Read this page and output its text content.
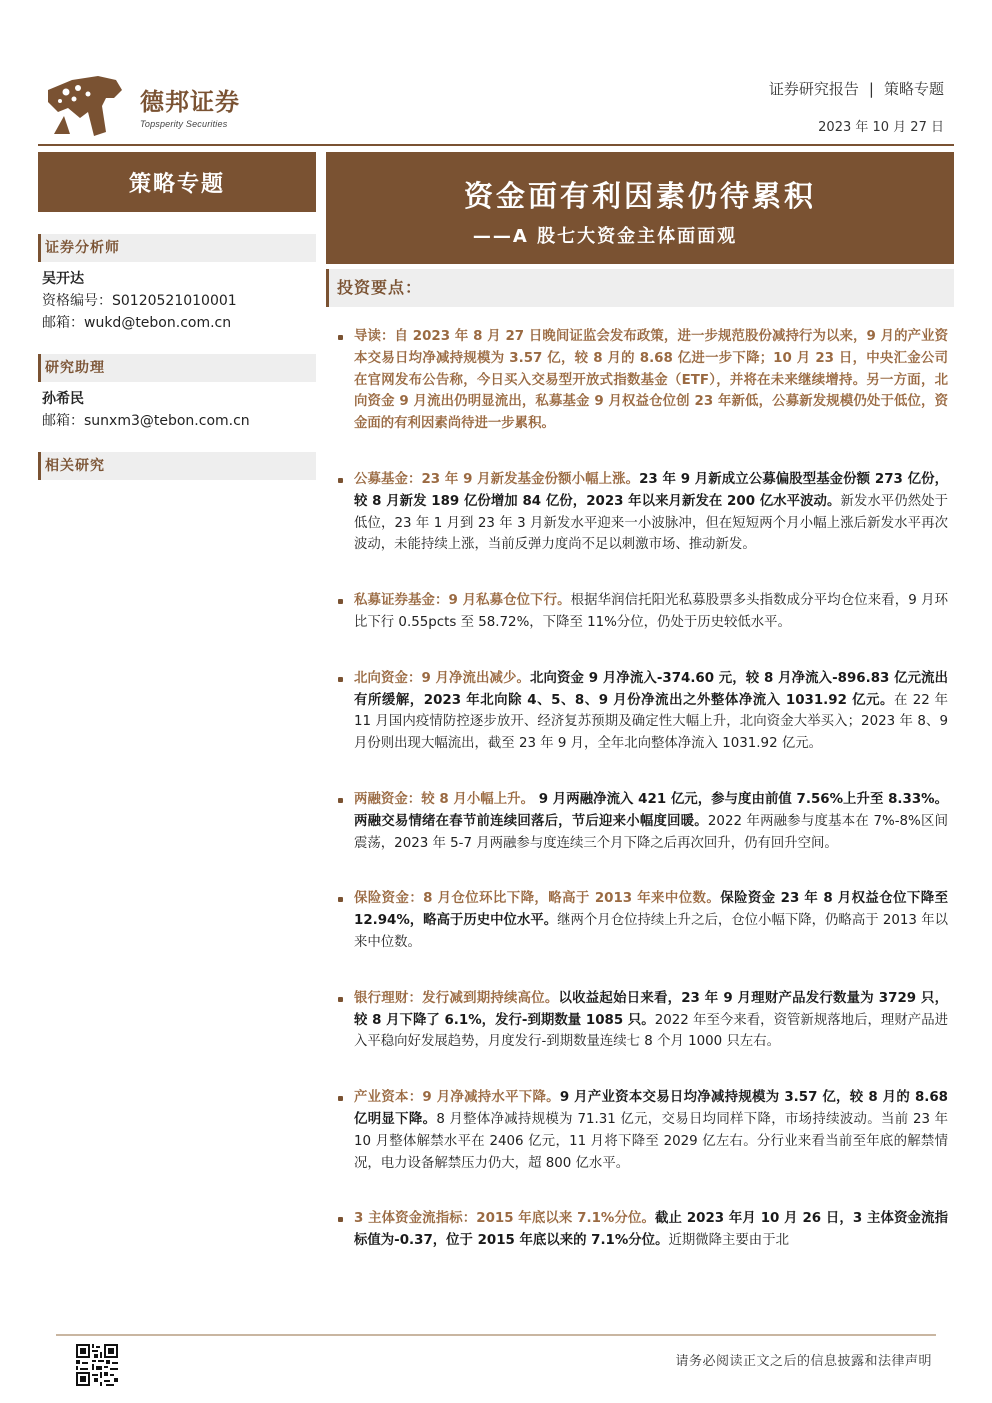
德邦证券
Topsperity Securities
证券研究报告 | 策略专题
2023 年 10 月 27 日
策略专题
证券分析师
吴开达
资格编号：S0120521010001
邮箱：wukd@tebon.com.cn
研究助理
孙希民
邮箱：sunxm3@tebon.com.cn
相关研究
资金面有利因素仍待累积
——A 股七大资金主体面面观
投资要点：
导读：自 2023 年 8 月 27 日晚间证监会发布政策，进一步规范股份减持行为以来，9 月的产业资本交易日均净减持规模为 3.57 亿，较 8 月的 8.68 亿进一步下降；10 月 23 日，中央汇金公司在官网发布公告称，今日买入交易型开放式指数基金（ETF），并将在未来继续增持。另一方面，北向资金 9 月流出仍明显流出，私募基金 9 月权益仓位创 23 年新低，公募新发规模仍处于低位，资金面的有利因素尚待进一步累积。
公募基金：23 年 9 月新发基金份额小幅上涨。23 年 9 月新成立公募偏股型基金份额 273 亿份，较 8 月新发 189 亿份增加 84 亿份，2023 年以来月新发在 200 亿水平波动。新发水平仍然处于低位，23 年 1 月到 23 年 3 月新发水平迎来一小波脉冲，但在短短两个月小幅上涨后新发水平再次波动，未能持续上涨，当前反弹力度尚不足以刺激市场、推动新发。
私募证券基金：9 月私募仓位下行。根据华润信托阳光私募股票多头指数成分平均仓位来看，9 月环比下行 0.55pcts 至 58.72%，下降至 11%分位，仍处于历史较低水平。
北向资金：9 月净流出减少。北向资金 9 月净流入-374.60 元，较 8 月净流入-896.83 亿元流出有所缓解，2023 年北向除 4、5、8、9 月份净流出之外整体净流入 1031.92 亿元。在 22 年 11 月国内疫情防控逐步放开、经济复苏预期及确定性大幅上升，北向资金大举买入；2023 年 8、9 月份则出现大幅流出，截至 23 年 9 月，全年北向整体净流入 1031.92 亿元。
两融资金：较 8 月小幅上升。 9 月两融净流入 421 亿元，参与度由前值 7.56%上升至 8.33%。两融交易情绪在春节前连续回落后，节后迎来小幅度回暖。2022 年两融参与度基本在 7%-8%区间震荡，2023 年 5-7 月两融参与度连续三个月下降之后再次回升，仍有回升空间。
保险资金：8 月仓位环比下降，略高于 2013 年来中位数。保险资金 23 年 8 月权益仓位下降至 12.94%，略高于历史中位水平。继两个月仓位持续上升之后，仓位小幅下降，仍略高于 2013 年以来中位数。
银行理财：发行减到期持续高位。以收益起始日来看，23 年 9 月理财产品发行数量为 3729 只，较 8 月下降了 6.1%，发行-到期数量 1085 只。2022 年至今来看，资管新规落地后，理财产品进入平稳向好发展趋势，月度发行-到期数量连续七 8 个月 1000 只左右。
产业资本：9 月净减持水平下降。9 月产业资本交易日均净减持规模为 3.57 亿，较 8 月的 8.68 亿明显下降。8 月整体净减持规模为 71.31 亿元，交易日均同样下降，市场持续波动。当前 23 年 10 月整体解禁水平在 2406 亿元，11 月将下降至 2029 亿左右。分行业来看当前至年底的解禁情况，电力设备解禁压力仍大，超 800 亿水平。
3 主体资金流指标：2015 年底以来 7.1%分位。截止 2023 年月 10 月 26 日，3 主体资金流指标值为-0.37，位于 2015 年底以来的 7.1%分位。近期微降主要由于北
请务必阅读正文之后的信息披露和法律声明
